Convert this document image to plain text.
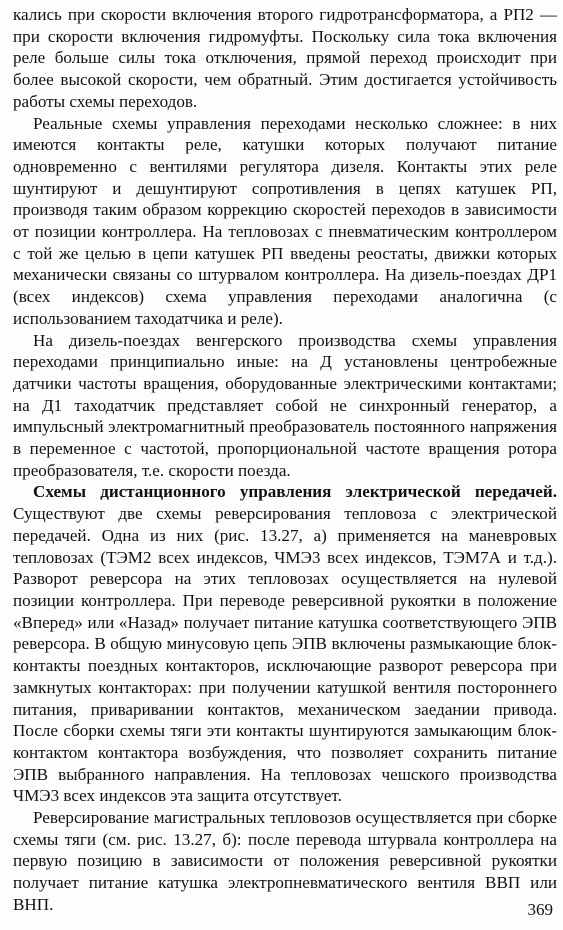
кались при скорости включения второго гидротрансформатора, а РП2 — при скорости включения гидромуфты. Поскольку сила тока включения реле больше силы тока отключения, прямой переход происходит при более высокой скорости, чем обратный. Этим достигается устойчивость работы схемы переходов.

Реальные схемы управления переходами несколько сложнее: в них имеются контакты реле, катушки которых получают питание одновременно с вентилями регулятора дизеля. Контакты этих реле шунтируют и дешунтируют сопротивления в цепях катушек РП, производя таким образом коррекцию скоростей переходов в зависимости от позиции контроллера. На тепловозах с пневматическим контроллером с той же целью в цепи катушек РП введены реостаты, движки которых механически связаны со штурвалом контроллера. На дизель-поездах ДР1 (всех индексов) схема управления переходами аналогична (с использованием таходатчика и реле).

На дизель-поездах венгерского производства схемы управления переходами принципиально иные: на Д установлены центробежные датчики частоты вращения, оборудованные электрическими контактами; на Д1 таходатчик представляет собой не синхронный генератор, а импульсный электромагнитный преобразователь постоянного напряжения в переменное с частотой, пропорциональной частоте вращения ротора преобразователя, т.е. скорости поезда.

Схемы дистанционного управления электрической передачей. Существуют две схемы реверсирования тепловоза с электрической передачей. Одна из них (рис. 13.27, а) применяется на маневровых тепловозах (ТЭМ2 всех индексов, ЧМЭ3 всех индексов, ТЭМ7А и т.д.). Разворот реверсора на этих тепловозах осуществляется на нулевой позиции контроллера. При переводе реверсивной рукоятки в положение «Вперед» или «Назад» получает питание катушка соответствующего ЭПВ реверсора. В общую минусовую цепь ЭПВ включены размыкающие блок-контакты поездных контакторов, исключающие разворот реверсора при замкнутых контакторах: при получении катушкой вентиля постороннего питания, приваривании контактов, механическом заедании привода. После сборки схемы тяги эти контакты шунтируются замыкающим блок-контактом контактора возбуждения, что позволяет сохранить питание ЭПВ выбранного направления. На тепловозах чешского производства ЧМЭ3 всех индексов эта защита отсутствует.

Реверсирование магистральных тепловозов осуществляется при сборке схемы тяги (см. рис. 13.27, б): после перевода штурвала контроллера на первую позицию в зависимости от положения реверсивной рукоятки получает питание катушка электропневматического вентиля ВВП или ВНП.	369
